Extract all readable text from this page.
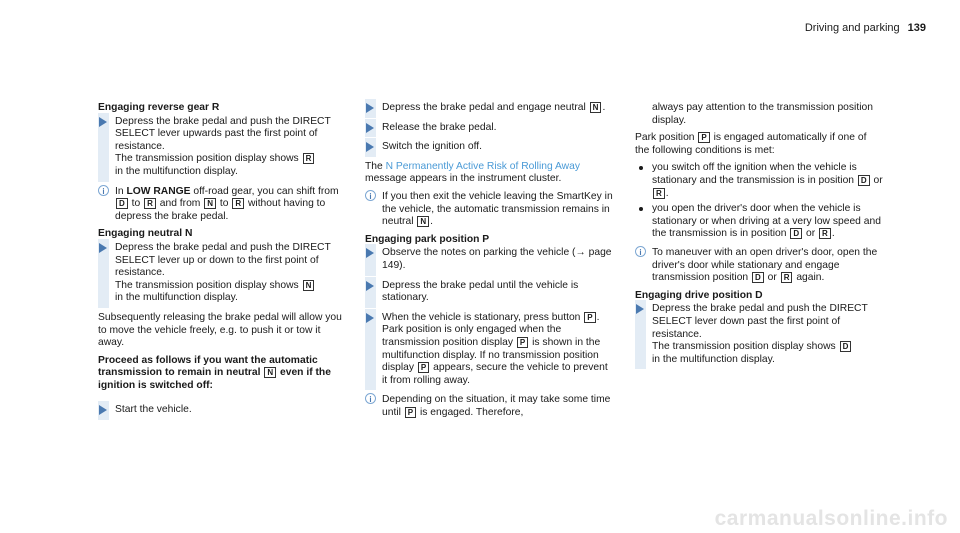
Driving and parking 139
Engaging reverse gear R
Depress the brake pedal and push the DIRECT SELECT lever upwards past the first point of resistance.
The transmission position display shows R
in the multifunction display.
i	In LOW RANGE off-road gear, you can shift from D to R and from N to R without having to depress the brake pedal.
Engaging neutral N
Depress the brake pedal and push the DIRECT SELECT lever up or down to the first point of resistance.
The transmission position display shows N
in the multifunction display.
Subsequently releasing the brake pedal will allow you to move the vehicle freely, e.g. to push it or tow it away.
Proceed as follows if you want the automatic transmission to remain in neutral N even if the ignition is switched off:
Start the vehicle.
Depress the brake pedal and engage neutral N .
Release the brake pedal.
Switch the ignition off.
The N Permanently Active Risk of Rolling Away message appears in the instrument cluster.
i	If you then exit the vehicle leaving the SmartKey in the vehicle, the automatic transmission remains in neutral N .
Engaging park position P
Observe the notes on parking the vehicle (→ page 149).
Depress the brake pedal until the vehicle is stationary.
When the vehicle is stationary, press button P .
Park position is only engaged when the transmission position display P is shown in the multifunction display. If no transmission position display P appears, secure the vehicle to prevent it from rolling away.
i	Depending on the situation, it may take some time until P is engaged. Therefore,
always pay attention to the transmission position display.
Park position P is engaged automatically if one of the following conditions is met:
you switch off the ignition when the vehicle is stationary and the transmission is in position D or R .
you open the driver's door when the vehicle is stationary or when driving at a very low speed and the transmission is in position D or R .
i	To maneuver with an open driver's door, open the driver's door while stationary and engage transmission position D or R again.
Engaging drive position D
Depress the brake pedal and push the DIRECT SELECT lever down past the first point of resistance.
The transmission position display shows D
in the multifunction display.
carmanualsonline.info
